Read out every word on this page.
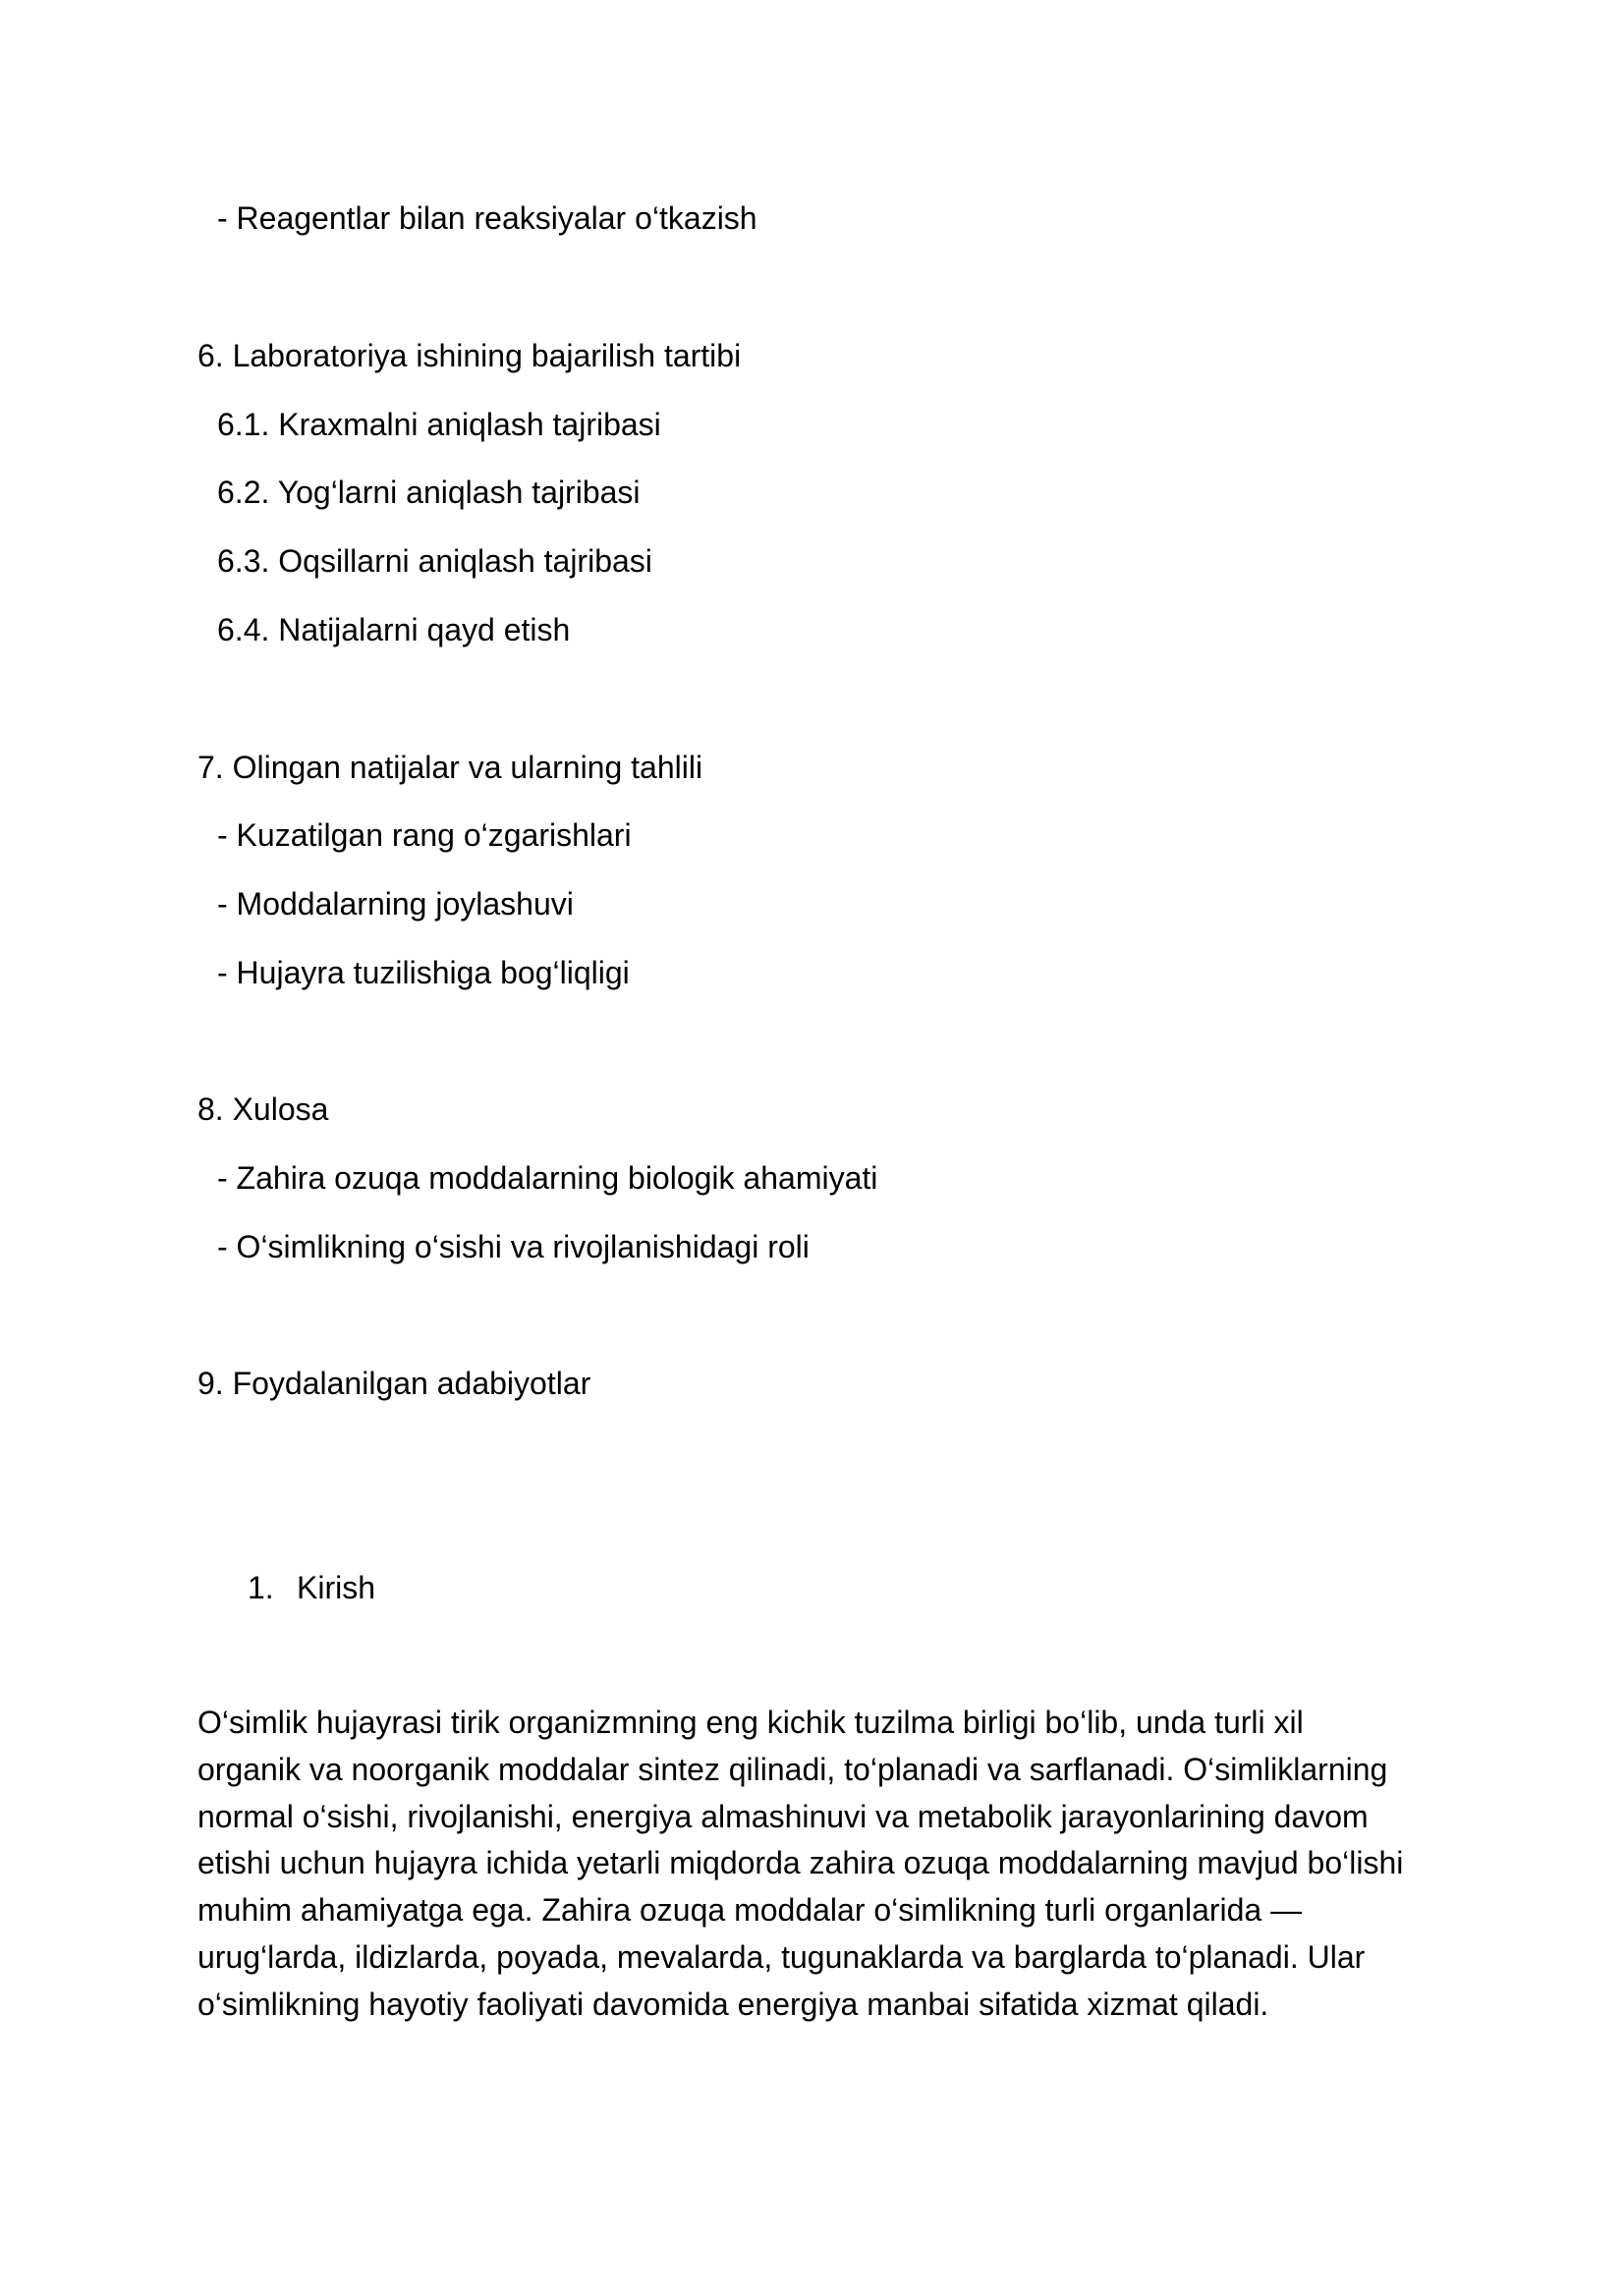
- Reagentlar bilan reaksiyalar o‘tkazish
6. Laboratoriya ishining bajarilish tartibi
6.1. Kraxmalni aniqlash tajribasi
6.2. Yog‘larni aniqlash tajribasi
6.3. Oqsillarni aniqlash tajribasi
6.4. Natijalarni qayd etish
7. Olingan natijalar va ularning tahlili
- Kuzatilgan rang o‘zgarishlari
- Moddalarning joylashuvi
- Hujayra tuzilishiga bog‘liqligi
8. Xulosa
- Zahira ozuqa moddalarning biologik ahamiyati
- O‘simlikning o‘sishi va rivojlanishidagi roli
9. Foydalanilgan adabiyotlar
1. Kirish

O‘simlik hujayrasi tirik organizmning eng kichik tuzilma birligi bo‘lib, unda turli xil
organik va noorganik moddalar sintez qilinadi, to‘planadi va sarflanadi. O‘simliklarning
normal o‘sishi, rivojlanishi, energiya almashinuvi va metabolik jarayonlarining davom
etishi uchun hujayra ichida yetarli miqdorda zahira ozuqa moddalarning mavjud bo‘lishi
muhim ahamiyatga ega. Zahira ozuqa moddalar o‘simlikning turli organlarida —
urug‘larda, ildizlarda, poyada, mevalarda, tugunaklarda va barglarda to‘planadi. Ular
o‘simlikning hayotiy faoliyati davomida energiya manbai sifatida xizmat qiladi.
